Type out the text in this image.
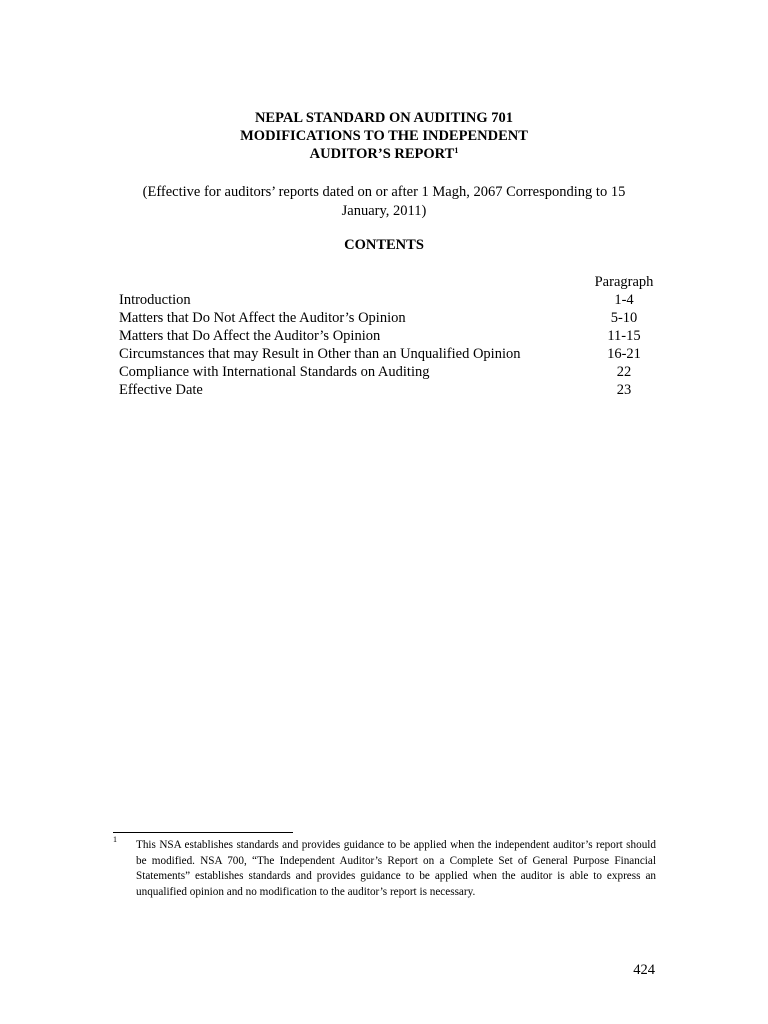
NEPAL STANDARD ON AUDITING 701
MODIFICATIONS TO THE INDEPENDENT
AUDITOR’S REPORT$^1$
(Effective for auditors’ reports dated on or after 1 Magh, 2067 Corresponding to 15 January, 2011)
CONTENTS
Paragraph
Introduction	1-4
Matters that Do Not Affect the Auditor’s Opinion	5-10
Matters that Do Affect the Auditor’s Opinion	11-15
Circumstances that may Result in Other than an Unqualified Opinion	16-21
Compliance with International Standards on Auditing	22
Effective Date	23
1 This NSA establishes standards and provides guidance to be applied when the independent auditor’s report should be modified. NSA 700, “The Independent Auditor’s Report on a Complete Set of General Purpose Financial Statements” establishes standards and provides guidance to be applied when the auditor is able to express an unqualified opinion and no modification to the auditor’s report is necessary.
424
